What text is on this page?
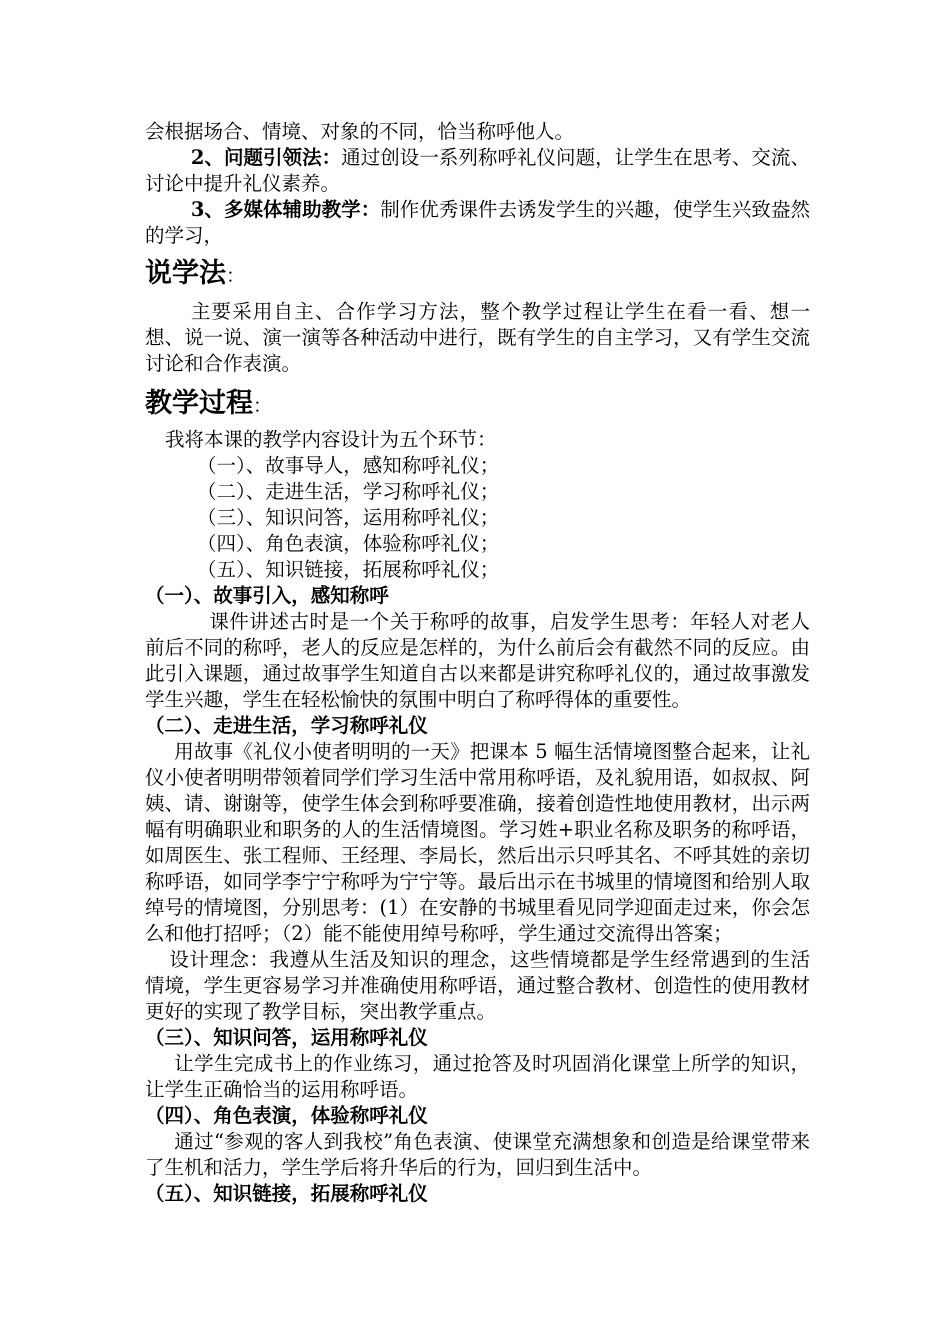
会根据场合、情境、对象的不同，恰当称呼他人。

2、问题引领法：通过创设一系列称呼礼仪问题，让学生在思考、交流、讨论中提升礼仪素养。

3、多媒体辅助教学：制作优秀课件去诱发学生的兴趣，使学生兴致盎然的学习，

说学法：

主要采用自主、合作学习方法，整个教学过程让学生在看一看、想一想、说一说、演一演等各种活动中进行，既有学生的自主学习，又有学生交流讨论和合作表演。

教学过程：

我将本课的教学内容设计为五个环节：

（一）、故事导人，感知称呼礼仪；

（二）、走进生活，学习称呼礼仪；

（三）、知识问答，运用称呼礼仪；

（四）、角色表演，体验称呼礼仪；

（五）、知识链接，拓展称呼礼仪；

（一）、故事引入，感知称呼

课件讲述古时是一个关于称呼的故事，启发学生思考：年轻人对老人前后不同的称呼，老人的反应是怎样的，为什么前后会有截然不同的反应。由此引入课题，通过故事学生知道自古以来都是讲究称呼礼仪的，通过故事激发学生兴趣，学生在轻松愉快的氛围中明白了称呼得体的重要性。

（二）、走进生活，学习称呼礼仪

用故事《礼仪小使者明明的一天》把课本 5 幅生活情境图整合起来，让礼仪小使者明明带领着同学们学习生活中常用称呼语，及礼貌用语，如叔叔、阿姨、请、谢谢等，使学生体会到称呼要准确，接着创造性地使用教材，出示两幅有明确职业和职务的人的生活情境图。学习姓+职业名称及职务的称呼语，如周医生、张工程师、王经理、李局长，然后出示只呼其名、不呼其姓的亲切称呼语，如同学李宁宁称呼为宁宁等。最后出示在书城里的情境图和给别人取绰号的情境图，分别思考：(1）在安静的书城里看见同学迎面走过来，你会怎么和他打招呼；（2）能不能使用绰号称呼，学生通过交流得出答案；

设计理念：我遵从生活及知识的理念，这些情境都是学生经常遇到的生活情境，学生更容易学习并准确使用称呼语，通过整合教材、创造性的使用教材更好的实现了教学目标，突出教学重点。

（三）、知识问答，运用称呼礼仪

让学生完成书上的作业练习，通过抢答及时巩固消化课堂上所学的知识，让学生正确恰当的运用称呼语。

（四）、角色表演，体验称呼礼仪

通过“参观的客人到我校”角色表演、使课堂充满想象和创造是给课堂带来了生机和活力，学生学后将升华后的行为，回归到生活中。

（五）、知识链接，拓展称呼礼仪
